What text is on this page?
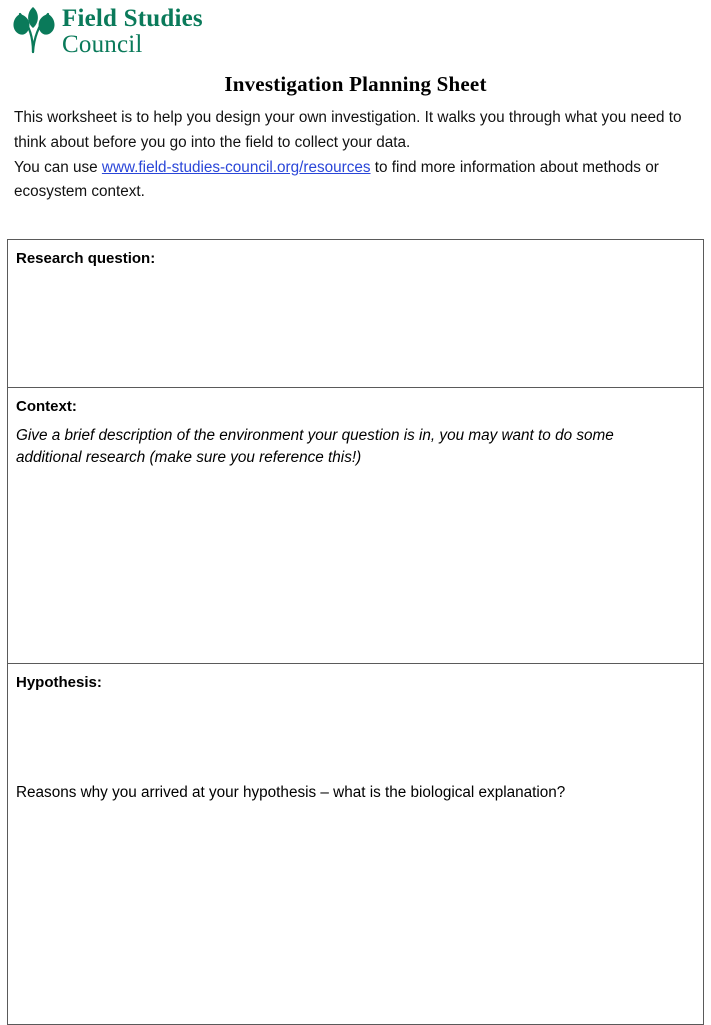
Field Studies
Council
Investigation Planning Sheet

This worksheet is to help you design your own investigation. It walks you through what you need to think about before you go into the field to collect your data.

You can use www.field-studies-council.org/resources to find more information about methods or ecosystem context.

Research question:
Context:
Give a brief description of the environment your question is in, you may want to do some additional research (make sure you reference this!)
Hypothesis:
Reasons why you arrived at your hypothesis – what is the biological explanation?
